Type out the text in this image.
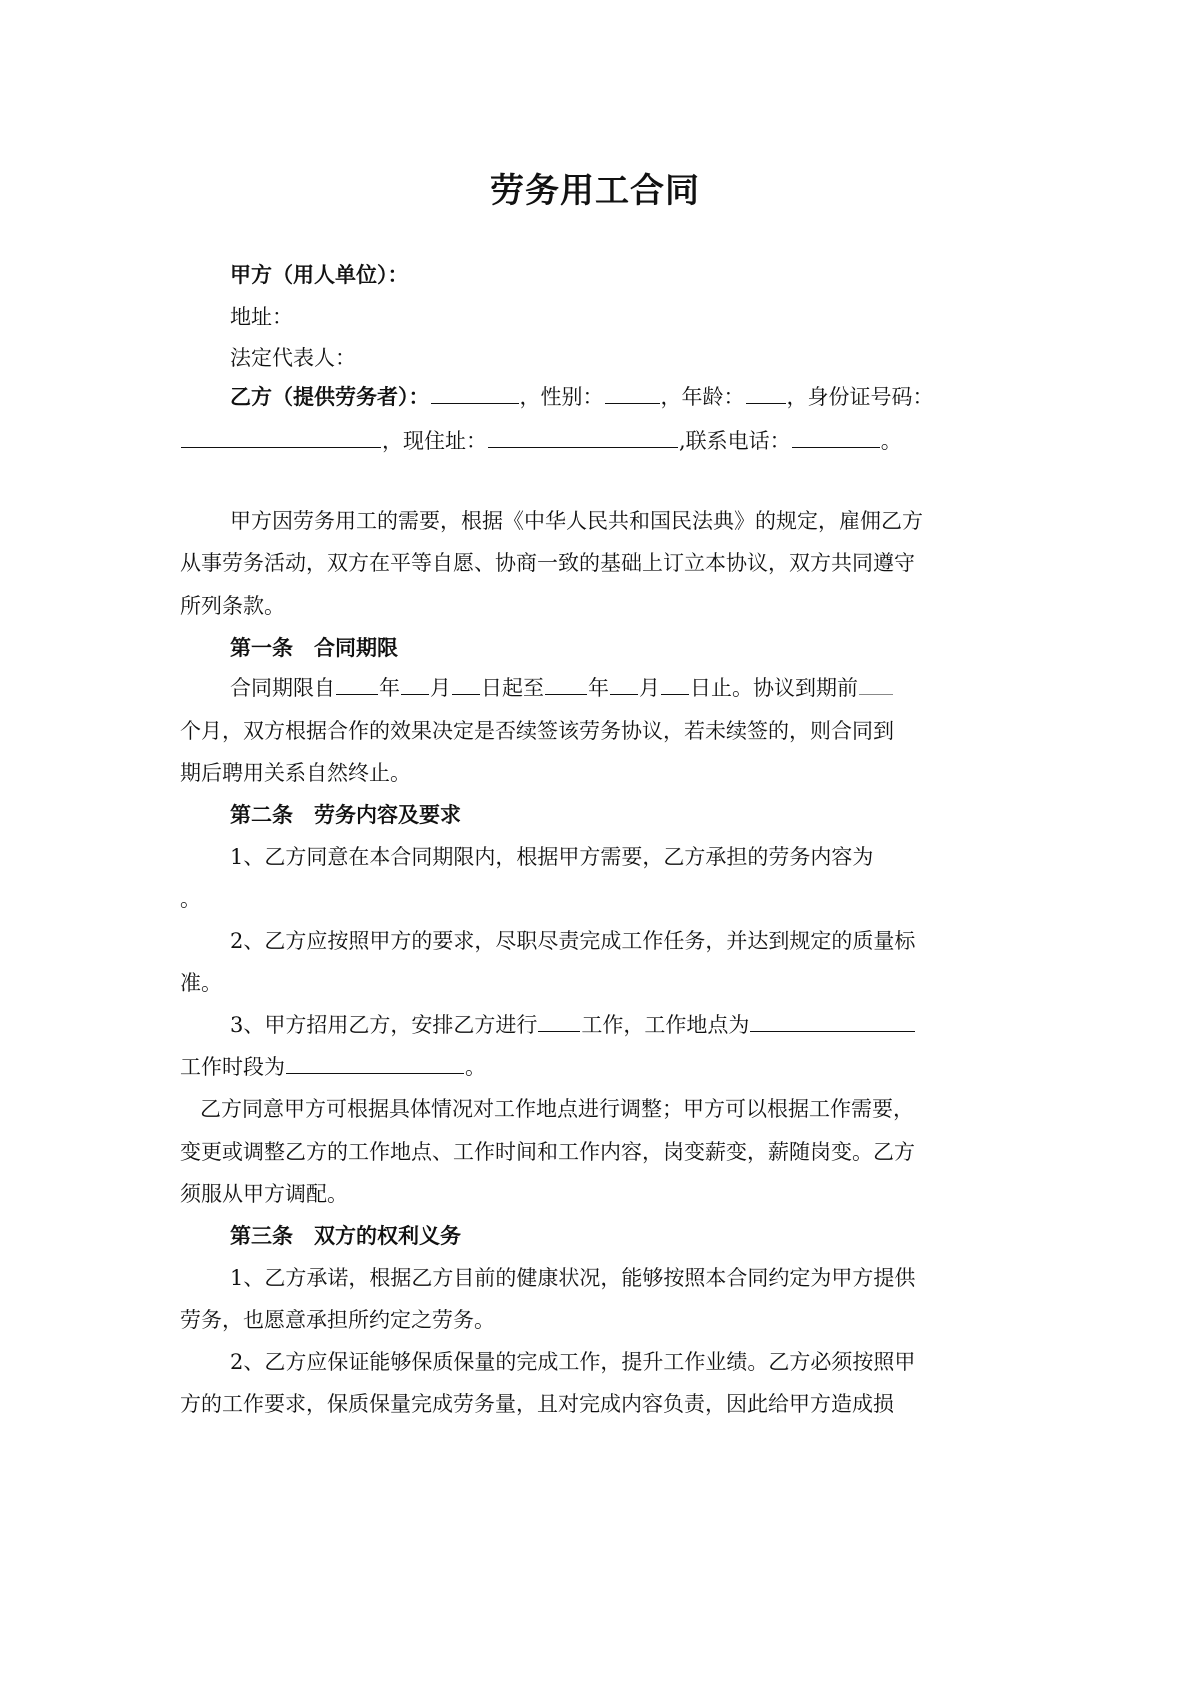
劳务用工合同
甲方（用人单位）：
地址：
法定代表人：
乙方（提供劳务者）：	，性别：	，年龄： ，身份证号码：
，现住址：	,联系电话：	。
甲方因劳务用工的需要，根据《中华人民共和国民法典》的规定，雇佣乙方
从事劳务活动，双方在平等自愿、协商一致的基础上订立本协议，双方共同遵守
所列条款。
第一条　合同期限
合同期限自 年 月 日起至 年 月 日止。协议到期前
个月，双方根据合作的效果决定是否续签该劳务协议，若未续签的，则合同到
期后聘用关系自然终止。
第二条　劳务内容及要求
1、乙方同意在本合同期限内，根据甲方需要，乙方承担的劳务内容为
。
2、乙方应按照甲方的要求，尽职尽责完成工作任务，并达到规定的质量标
准。
3、甲方招用乙方，安排乙方进行 工作，工作地点为
工作时段为	。
乙方同意甲方可根据具体情况对工作地点进行调整；甲方可以根据工作需要，
变更或调整乙方的工作地点、工作时间和工作内容，岗变薪变，薪随岗变。乙方
须服从甲方调配。
第三条　双方的权利义务
1、乙方承诺，根据乙方目前的健康状况，能够按照本合同约定为甲方提供
劳务，也愿意承担所约定之劳务。
2、乙方应保证能够保质保量的完成工作，提升工作业绩。乙方必须按照甲
方的工作要求，保质保量完成劳务量，且对完成内容负责，因此给甲方造成损
